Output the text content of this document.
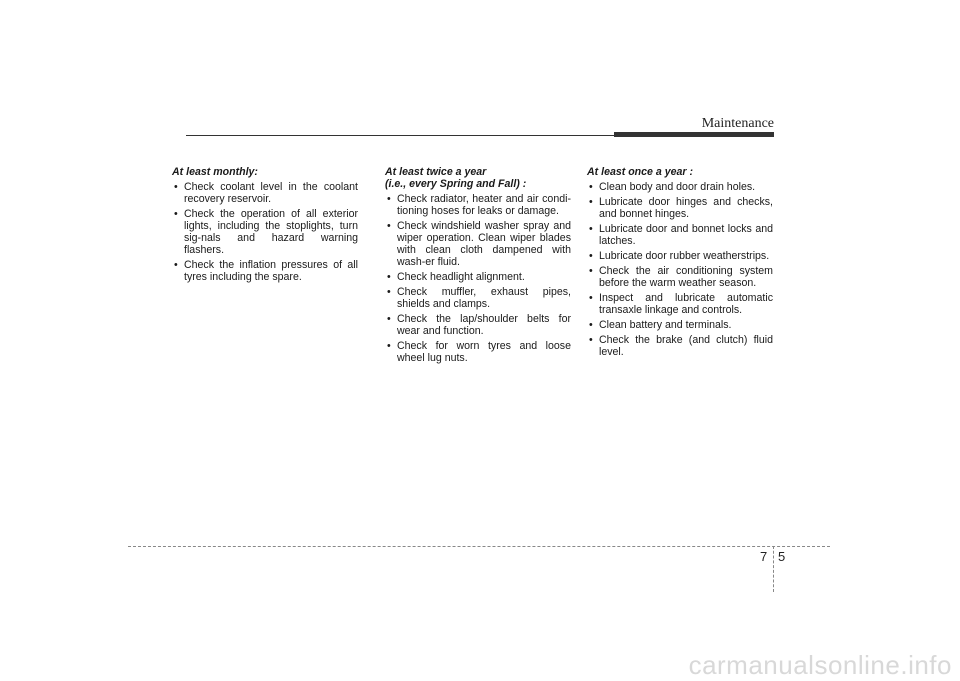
Maintenance

At least monthly:

• Check coolant level in the coolant recovery reservoir.
• Check the operation of all exterior lights, including the stoplights, turn sig-nals and hazard warning flashers.
• Check the inflation pressures of all tyres including the spare.

At least twice a year
(i.e., every Spring and Fall) :

• Check radiator, heater and air condi-tioning hoses for leaks or damage.
• Check windshield washer spray and wiper operation. Clean wiper blades with clean cloth dampened with wash-er fluid.
• Check headlight alignment.
• Check muffler, exhaust pipes, shields and clamps.
• Check the lap/shoulder belts for wear and function.
• Check for worn tyres and loose wheel lug nuts.

At least once a year :

• Clean body and door drain holes.
• Lubricate door hinges and checks, and bonnet hinges.
• Lubricate door and bonnet locks and latches.
• Lubricate door rubber weatherstrips.
• Check the air conditioning system before the warm weather season.
• Inspect and lubricate automatic transaxle linkage and controls.
• Clean battery and terminals.
• Check the brake (and clutch) fluid level.
7 5
carmanualsonline.info
